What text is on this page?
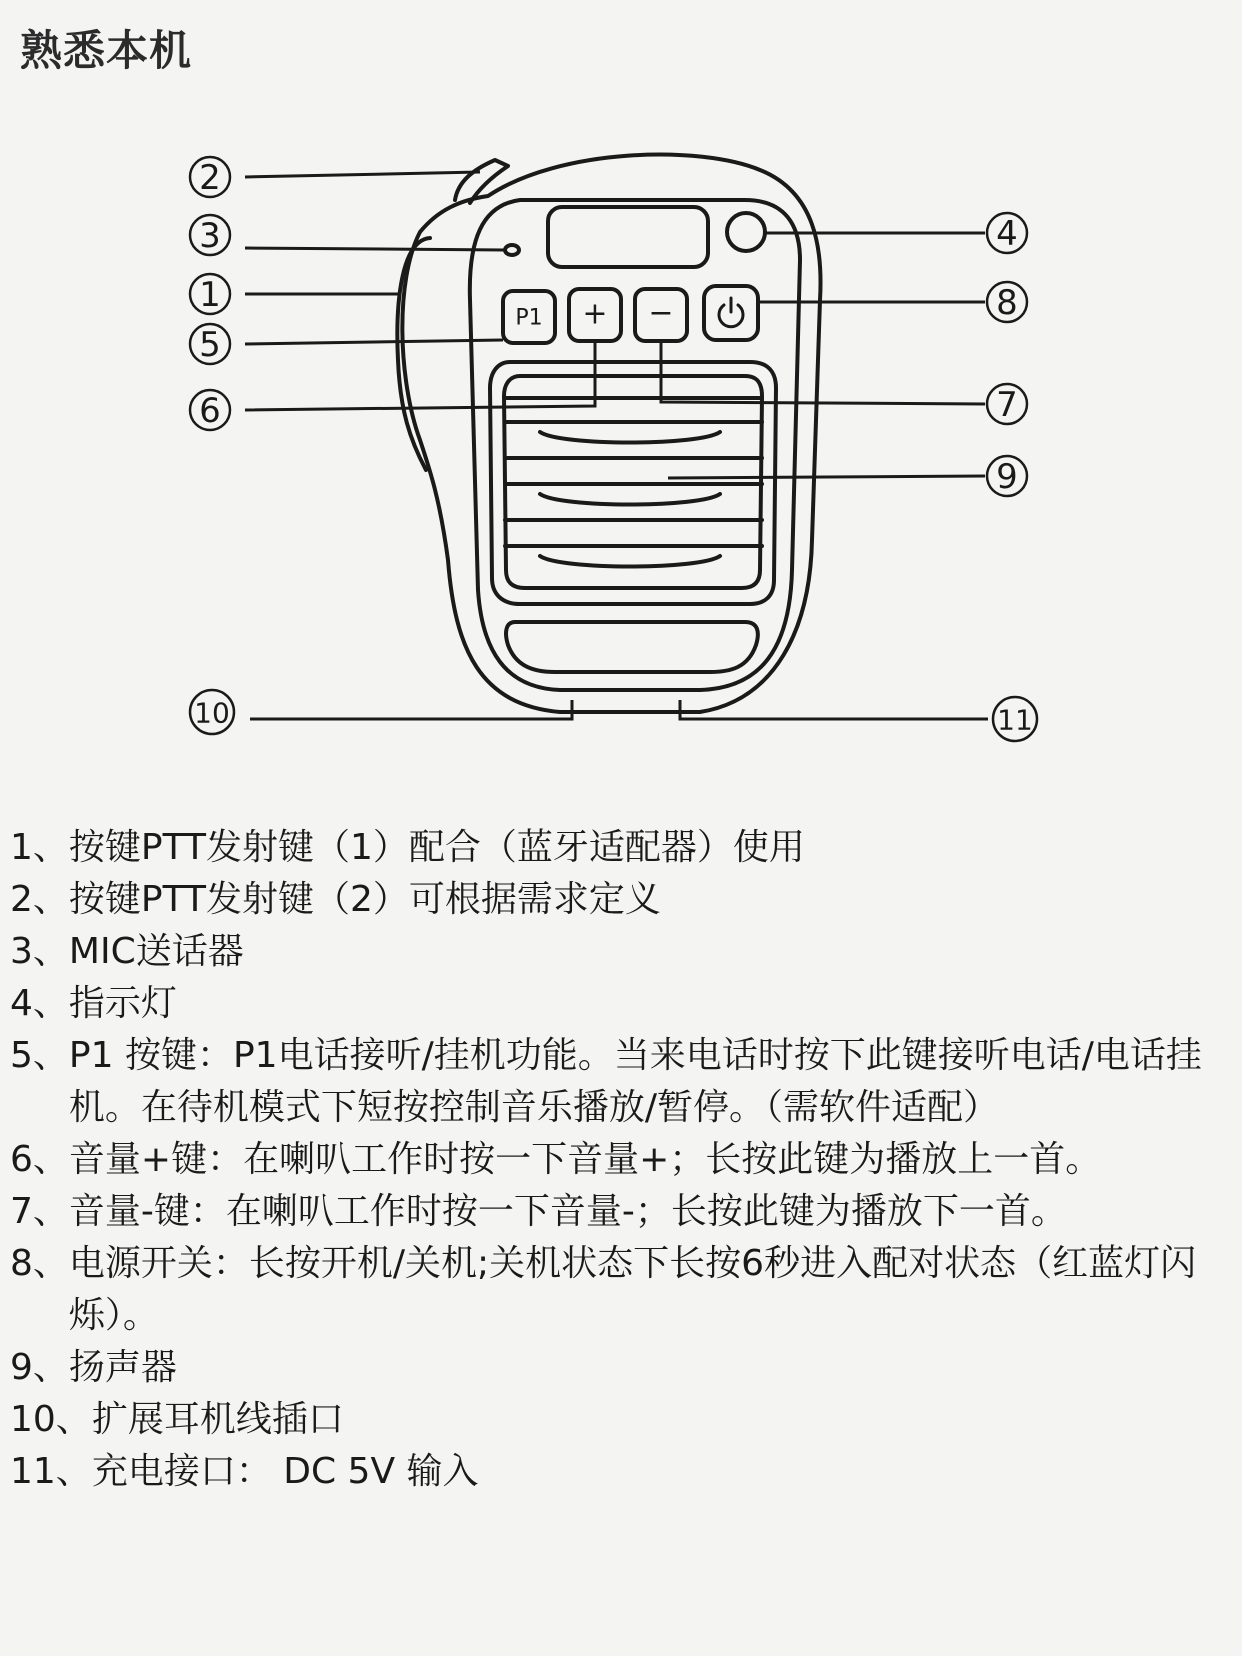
熟悉本机
2
3
1
5
6
10
4
8
7
9
11
P1 + −
1、 按键PTT发射键（1）配合（蓝牙适配器）使用
2、 按键PTT发射键（2）可根据需求定义
3、 MIC送话器
4、 指示灯
5、 P1 按键：P1电话接听/挂机功能。当来电话时按下此键接听电话/电话挂机。在待机模式下短按控制音乐播放/暂停。（需软件适配）
6、 音量+键：在喇叭工作时按一下音量+；长按此键为播放上一首。
7、 音量-键：在喇叭工作时按一下音量-；长按此键为播放下一首。
8、 电源开关：长按开机/关机;关机状态下长按6秒进入配对状态（红蓝灯闪烁）。
9、 扬声器
10、 扩展耳机线插口
11、 充电接口： DC 5V 输入
